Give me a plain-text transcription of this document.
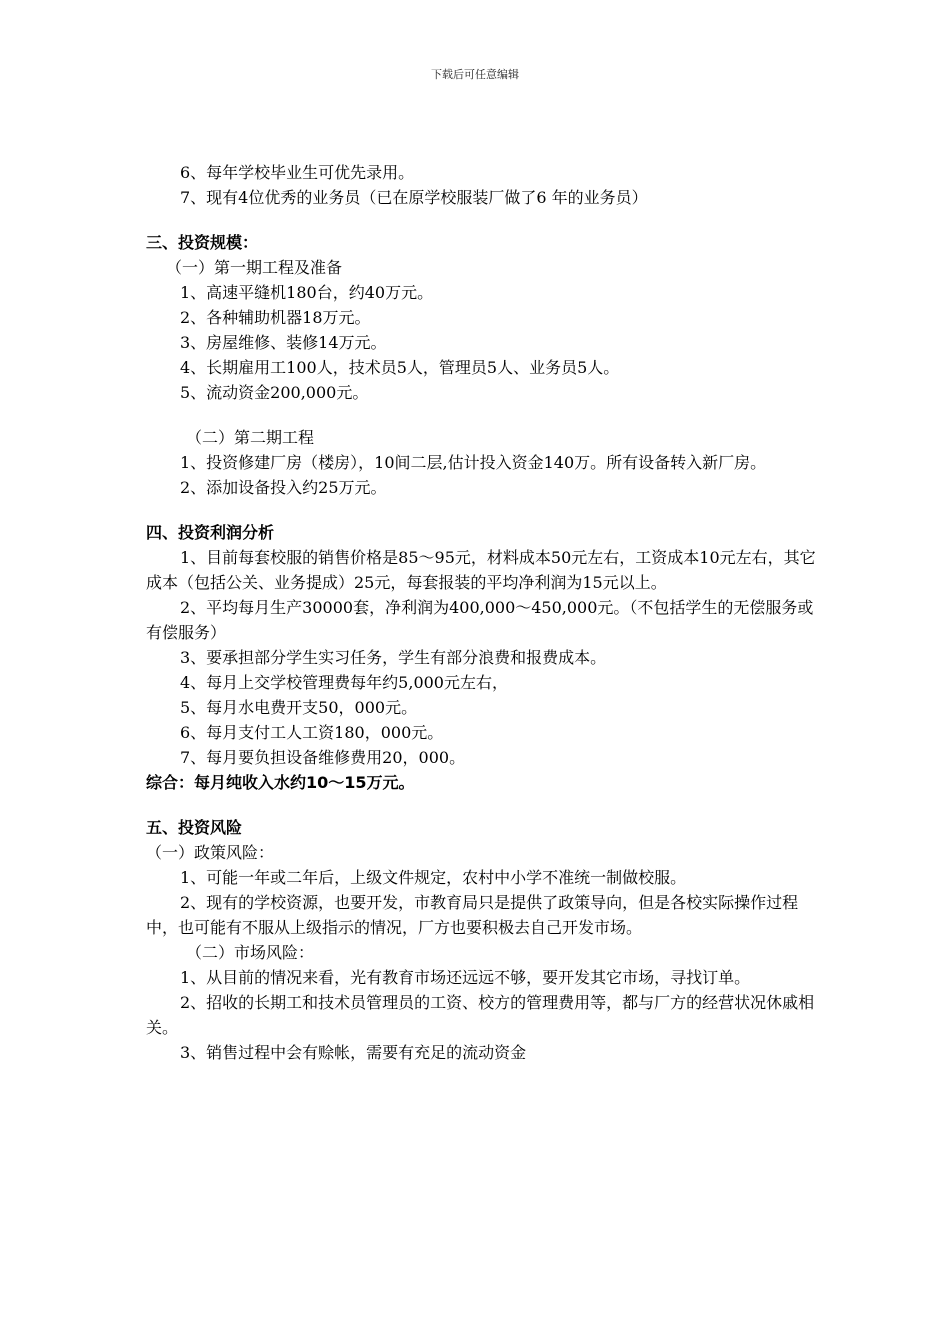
下载后可任意编辑

6、每年学校毕业生可优先录用。

7、现有4位优秀的业务员（已在原学校服装厂做了6 年的业务员）

三、投资规模：

（一）第一期工程及准备

1、高速平缝机180台，约40万元。

2、各种辅助机器18万元。

3、房屋维修、装修14万元。

4、长期雇用工100人，技术员5人，管理员5人、业务员5人。

5、流动资金200,000元。

（二）第二期工程

1、投资修建厂房（楼房），10间二层,估计投入资金140万。所有设备转入新厂房。

2、添加设备投入约25万元。

四、投资利润分析

1、目前每套校服的销售价格是85～95元，材料成本50元左右，工资成本10元左右，其它成本（包括公关、业务提成）25元，每套报装的平均净利润为15元以上。

2、平均每月生产30000套，净利润为400,000～450,000元。（不包括学生的无偿服务或有偿服务）

3、要承担部分学生实习任务，学生有部分浪费和报费成本。

4、每月上交学校管理费每年约5,000元左右，

5、每月水电费开支50，000元。

6、每月支付工人工资180，000元。

7、每月要负担设备维修费用20，000。

综合：每月纯收入水约10～15万元。

五、投资风险

（一）政策风险：

1、可能一年或二年后，上级文件规定，农村中小学不准统一制做校服。

2、现有的学校资源，也要开发，市教育局只是提供了政策导向，但是各校实际操作过程中，也可能有不服从上级指示的情况，厂方也要积极去自己开发市场。

（二）市场风险：

1、从目前的情况来看，光有教育市场还远远不够，要开发其它市场，寻找订单。

2、招收的长期工和技术员管理员的工资、校方的管理费用等，都与厂方的经营状况休戚相关。

3、销售过程中会有赊帐，需要有充足的流动资金
